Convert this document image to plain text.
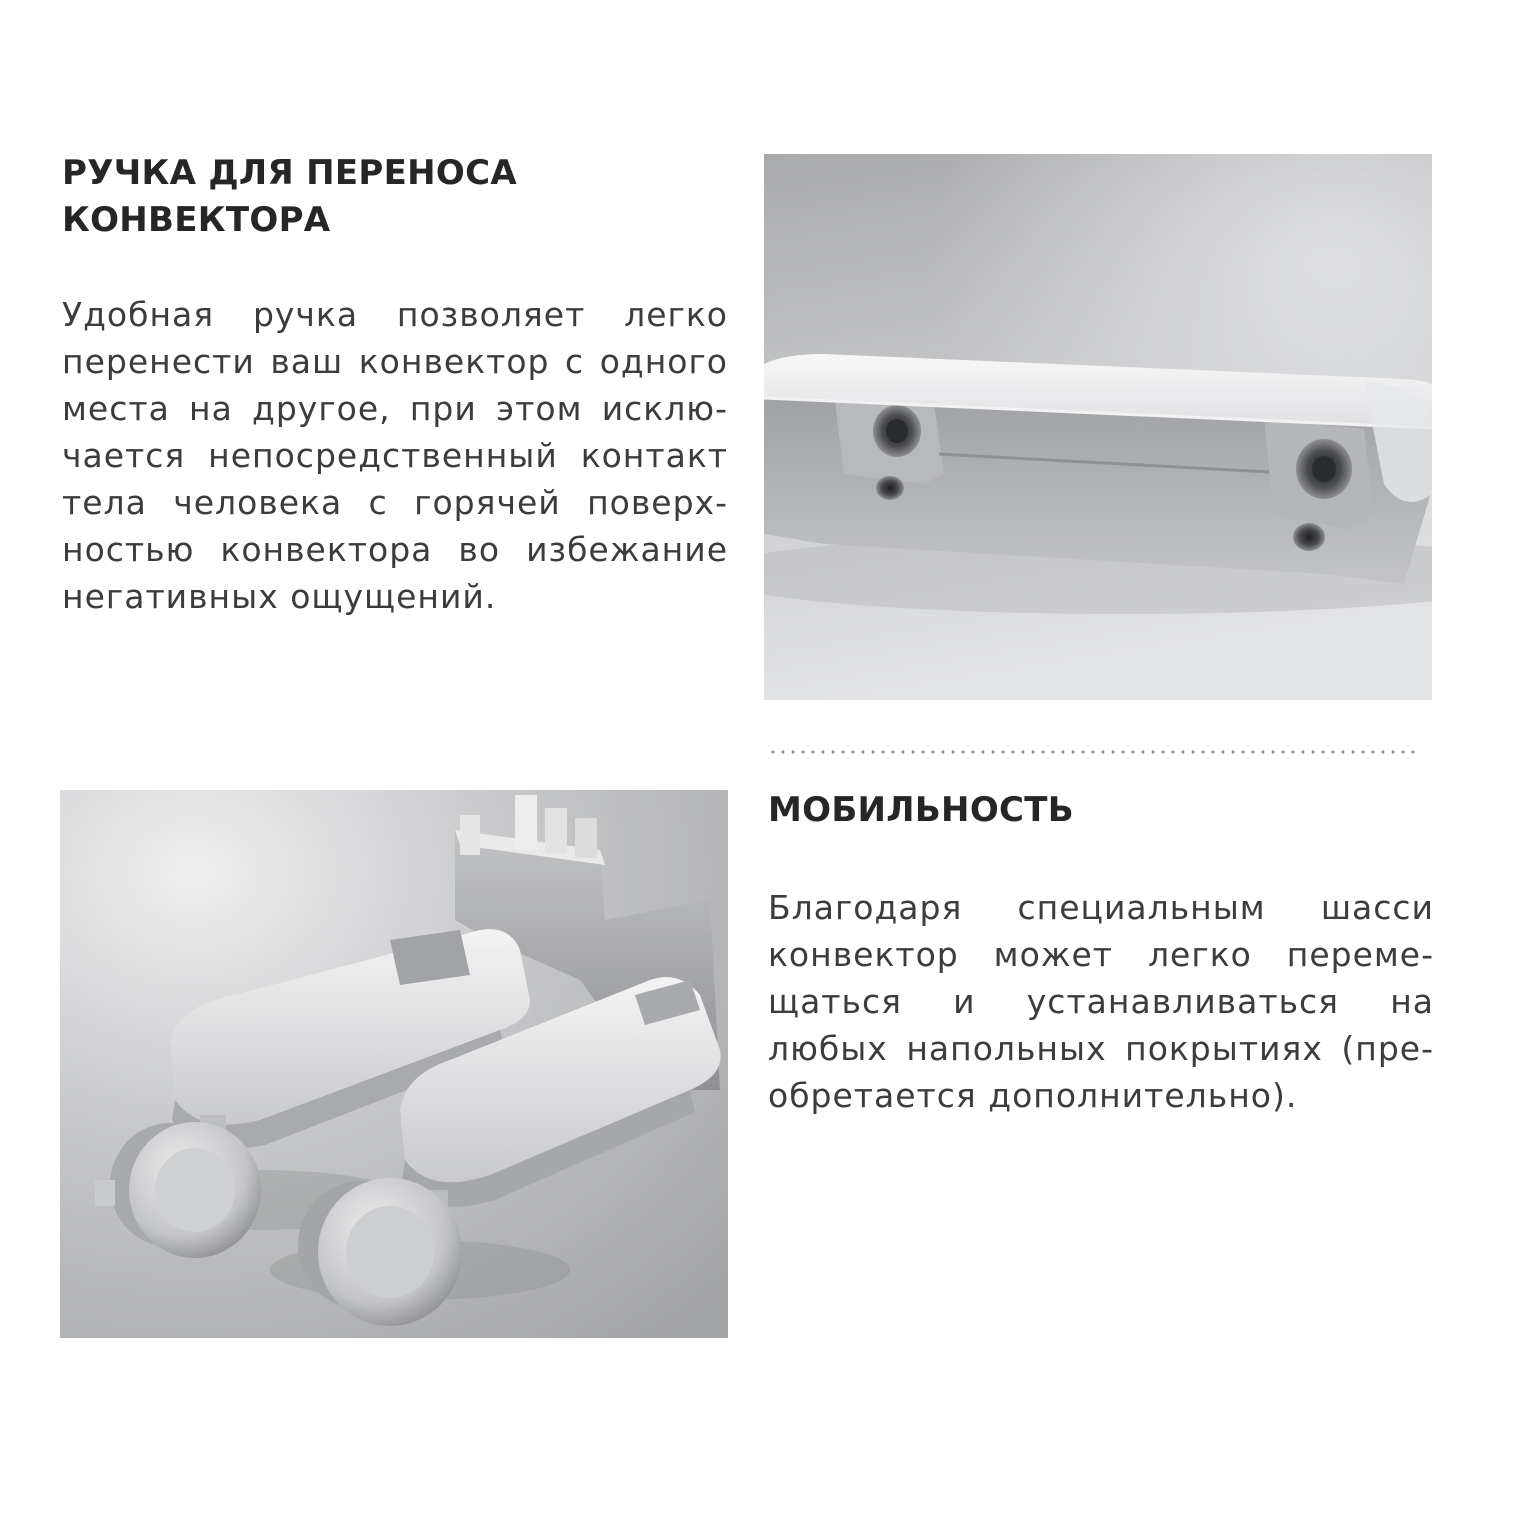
РУЧКА ДЛЯ ПЕРЕНОСА
КОНВЕКТОРА

Удобная ручка позволяет легко
перенести ваш конвектор с одного
места на другое, при этом исклю-
чается непосредственный контакт
тела человека с горячей поверх-
ностью конвектора во избежание
негативных ощущений.

МОБИЛЬНОСТЬ

Благодаря специальным шасси
конвектор может легко переме-
щаться и устанавливаться на
любых напольных покрытиях (пре-
обретается дополнительно).
